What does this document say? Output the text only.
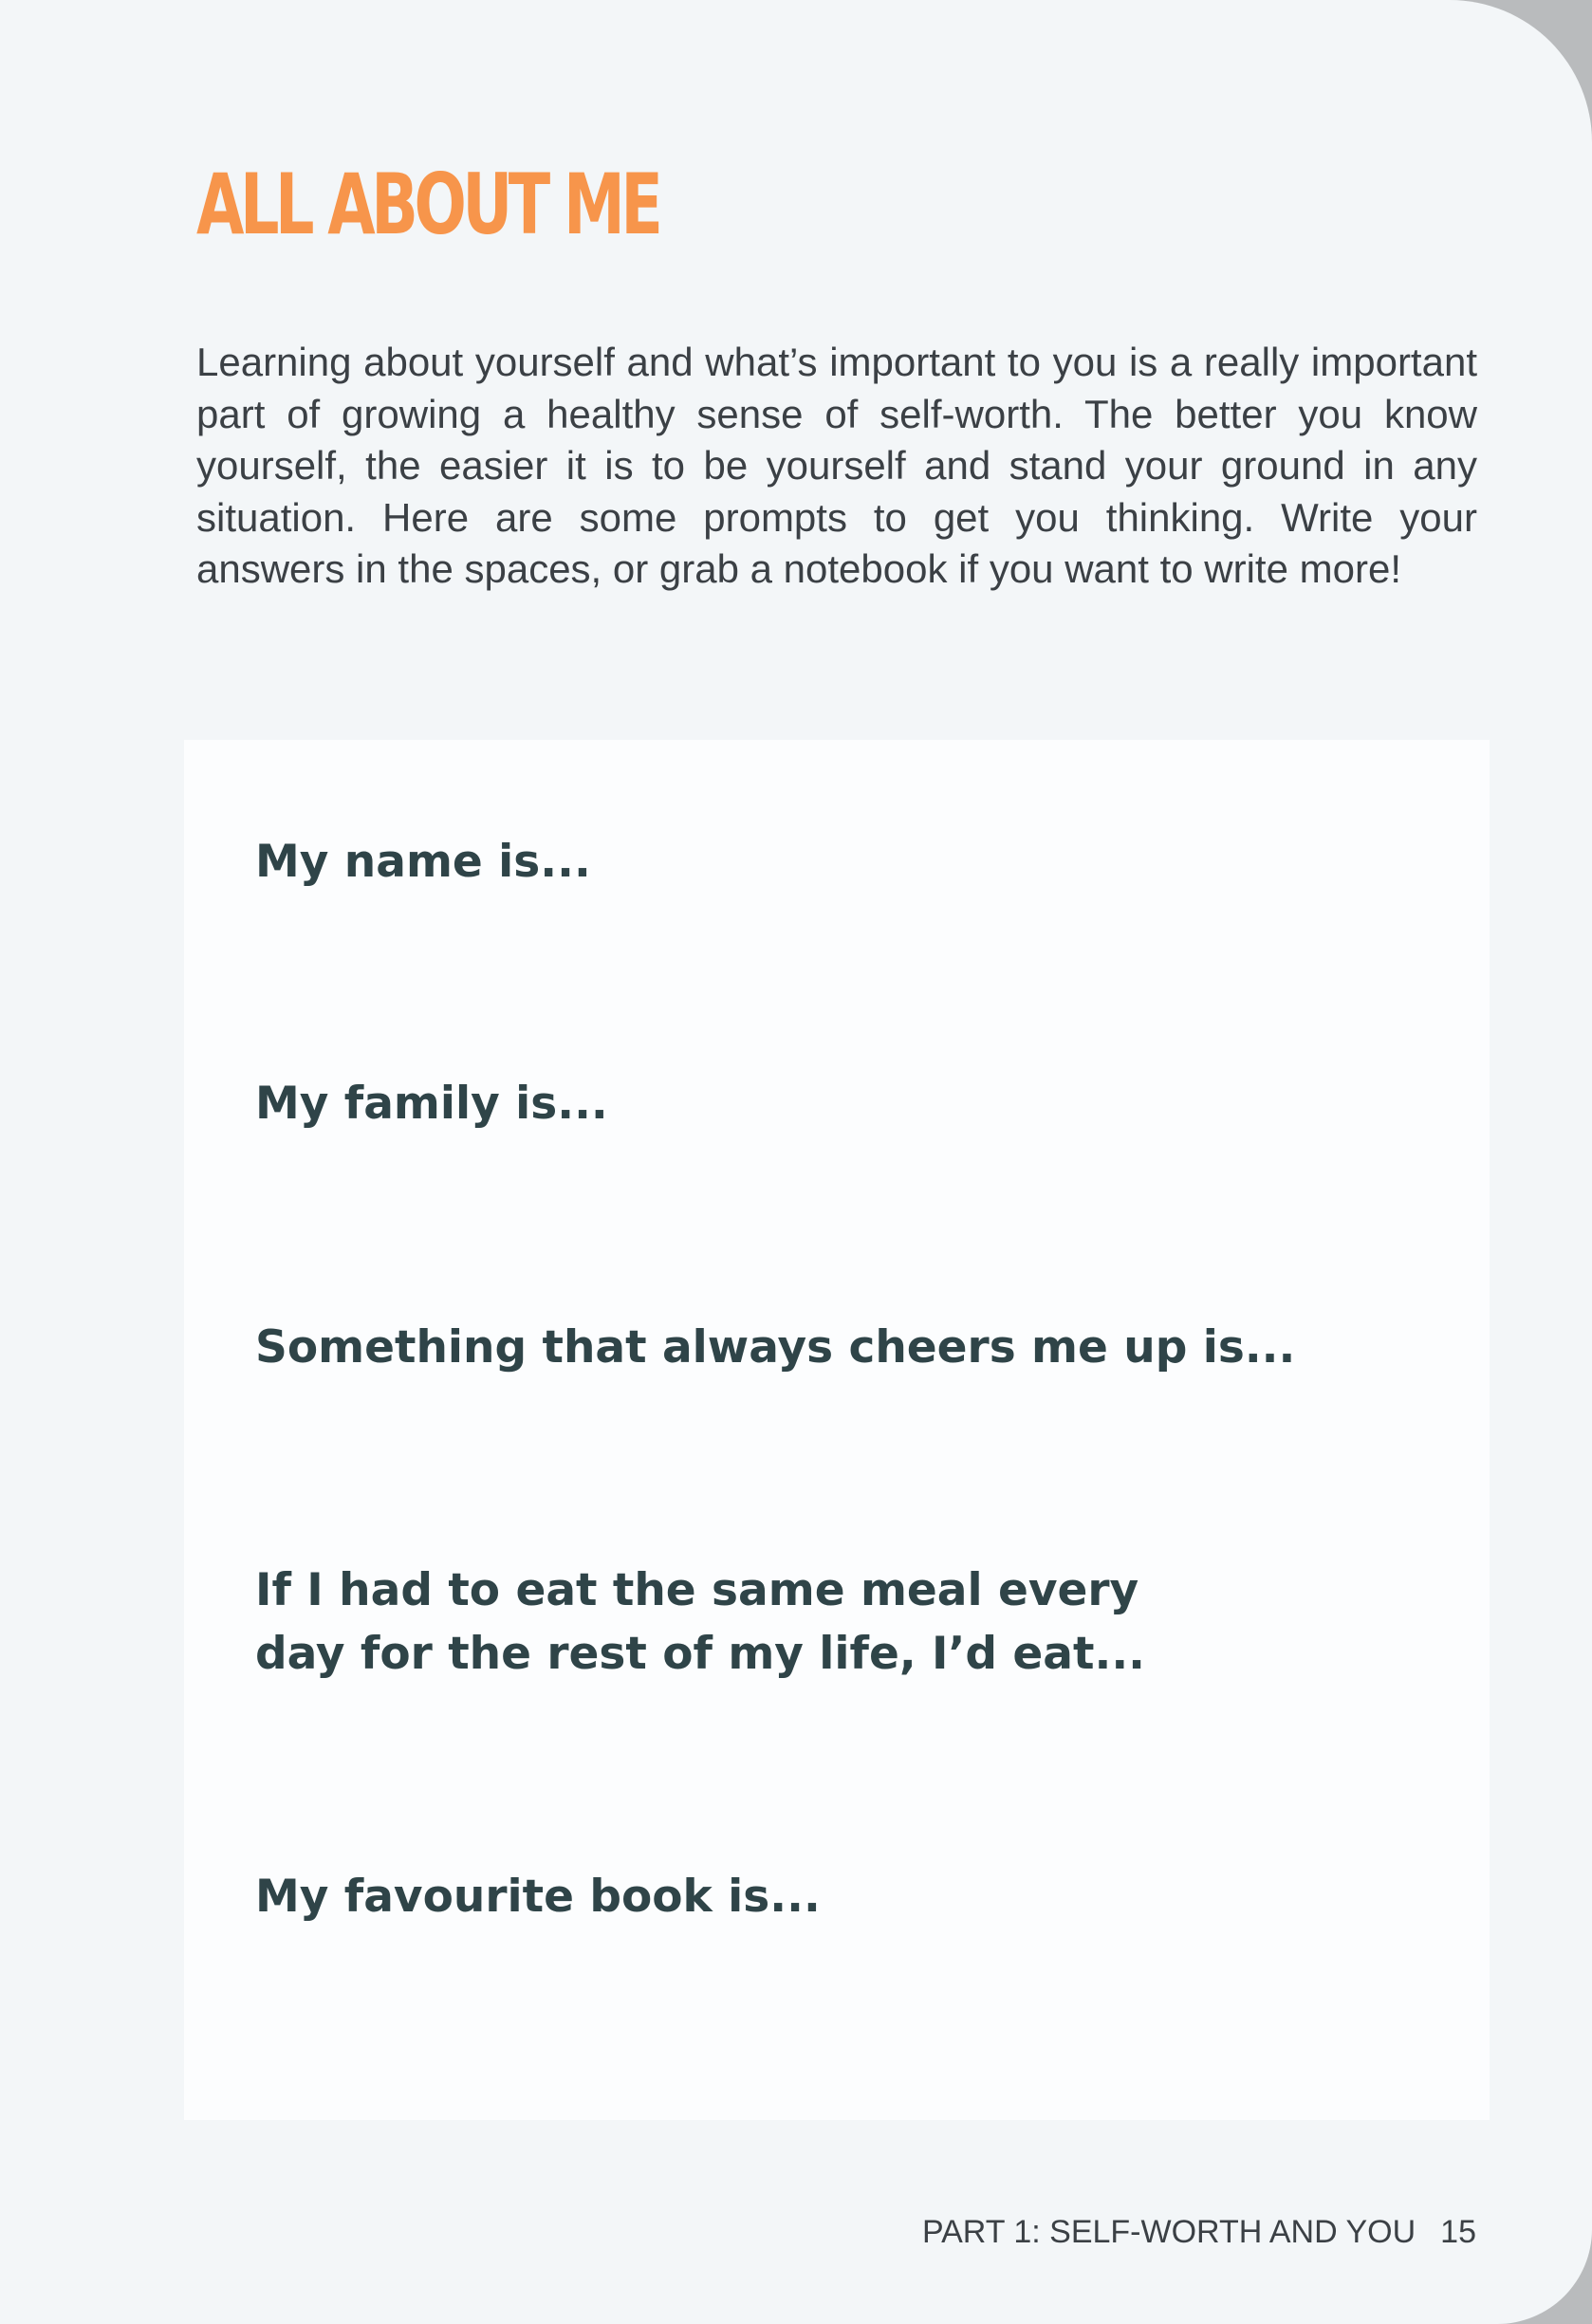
ALL ABOUT ME

Learning about yourself and what’s important to you is a really important part of growing a healthy sense of self-worth. The better you know yourself, the easier it is to be yourself and stand your ground in any situation. Here are some prompts to get you thinking. Write your answers in the spaces, or grab a notebook if you want to write more!

My name is...

My family is...

Something that always cheers me up is...

If I had to eat the same meal every day for the rest of my life, I’d eat...

My favourite book is...

PART 1: SELF-WORTH AND YOU 15
